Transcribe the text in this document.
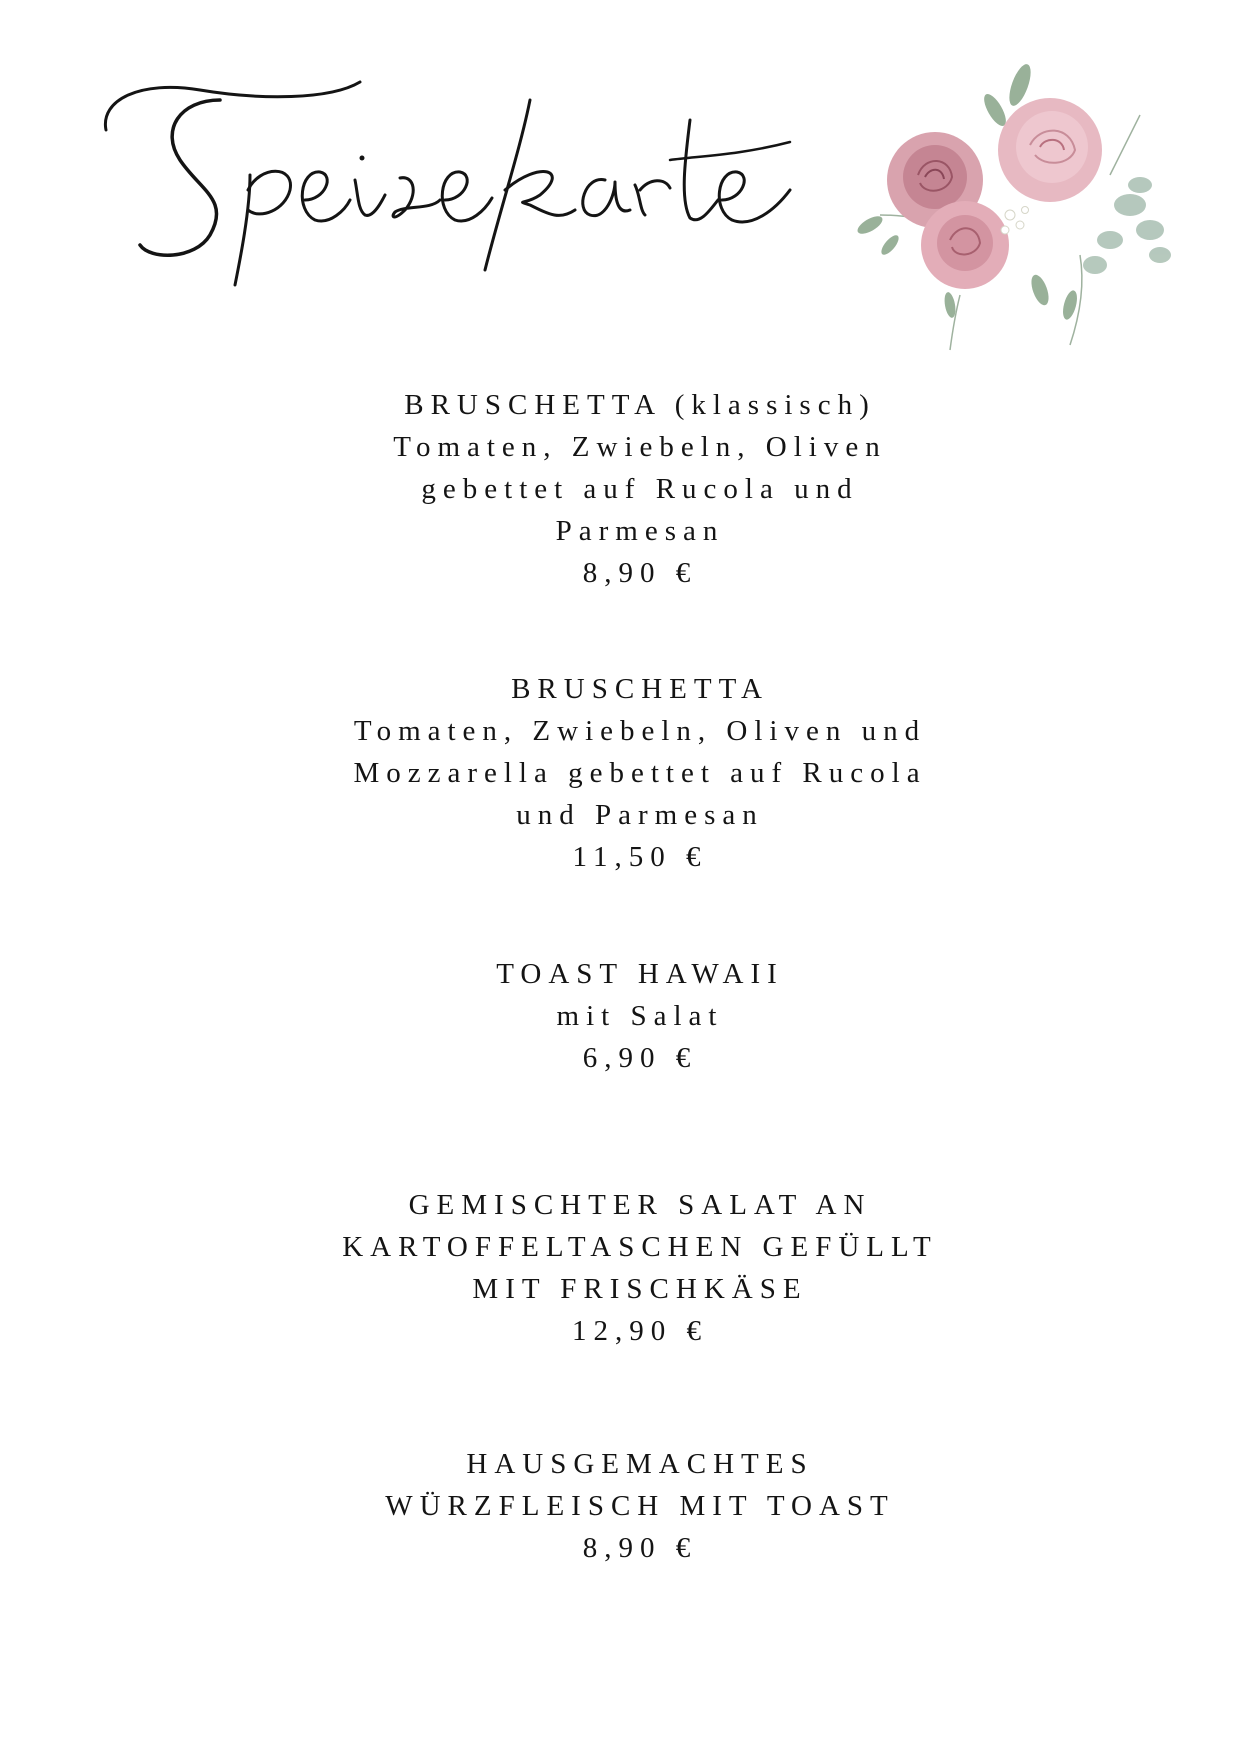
BRUSCHETTA (klassisch)
Tomaten, Zwiebeln, Oliven
gebettet auf Rucola und
Parmesan
8,90 €
BRUSCHETTA
Tomaten, Zwiebeln, Oliven und
Mozzarella gebettet auf Rucola
und Parmesan
11,50 €
TOAST HAWAII
mit Salat
6,90 €
GEMISCHTER SALAT AN
KARTOFFELTASCHEN GEFÜLLT
MIT FRISCHKÄSE
12,90 €
HAUSGEMACHTES
WÜRZFLEISCH MIT TOAST
8,90 €
